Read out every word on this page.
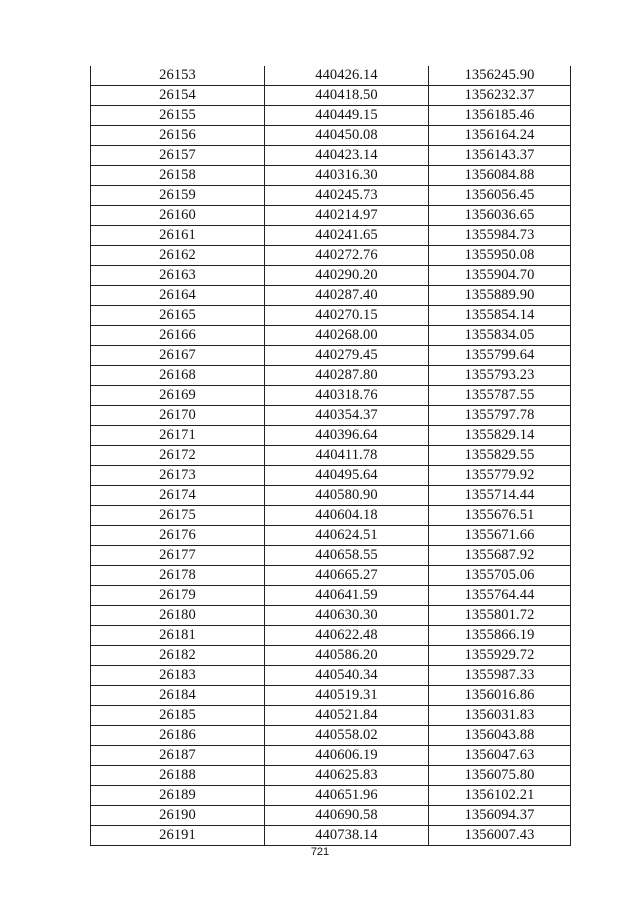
26153	440426.14	1356245.90
26154	440418.50	1356232.37
26155	440449.15	1356185.46
26156	440450.08	1356164.24
26157	440423.14	1356143.37
26158	440316.30	1356084.88
26159	440245.73	1356056.45
26160	440214.97	1356036.65
26161	440241.65	1355984.73
26162	440272.76	1355950.08
26163	440290.20	1355904.70
26164	440287.40	1355889.90
26165	440270.15	1355854.14
26166	440268.00	1355834.05
26167	440279.45	1355799.64
26168	440287.80	1355793.23
26169	440318.76	1355787.55
26170	440354.37	1355797.78
26171	440396.64	1355829.14
26172	440411.78	1355829.55
26173	440495.64	1355779.92
26174	440580.90	1355714.44
26175	440604.18	1355676.51
26176	440624.51	1355671.66
26177	440658.55	1355687.92
26178	440665.27	1355705.06
26179	440641.59	1355764.44
26180	440630.30	1355801.72
26181	440622.48	1355866.19
26182	440586.20	1355929.72
26183	440540.34	1355987.33
26184	440519.31	1356016.86
26185	440521.84	1356031.83
26186	440558.02	1356043.88
26187	440606.19	1356047.63
26188	440625.83	1356075.80
26189	440651.96	1356102.21
26190	440690.58	1356094.37
26191	440738.14	1356007.43
721
